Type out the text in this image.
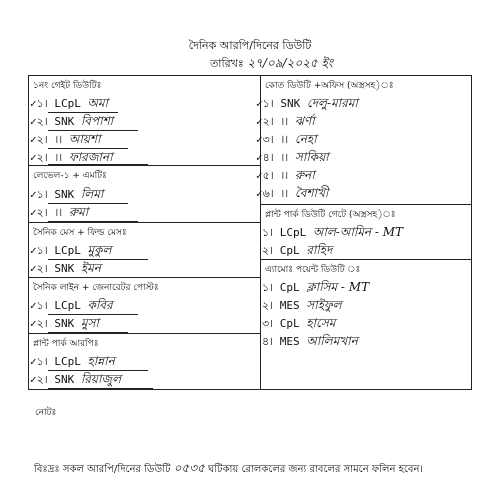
দৈনিক আরপি/দিনের ডিউটি
তারিখঃ ২৭/০৯/২০২৫ ইং
১নং গেইট ডিউটিঃ
✓১। LCpL অমা
✓২। SNK বিপাশা
✓২। ।। আয়শা
✓২। ।। ফারজানা
লেভেল-১ + এমটিঃ
✓১। SNK লিমা
✓২। ।। রুমা
সৈনিক মেস + ফিল্ড মেসঃ
✓১। LCpL মুকুল
✓২। SNK ইমন
সৈনিক লাইন + জেনারেটর পোস্টঃ
✓১। LCpL কবির
✓২। SNK মুসা
প্লান্ট পার্ক আরপিঃ
✓১। LCpL হান্নান
✓২। SNK রিয়াজুল
কোত ডিউটি +অফিস (অস্ত্রসহ)ঃ
✓১। SNK দেলু-মারমা
✓২। ।। ঝর্ণা
✓৩। ।। নেহা
✓৪। ।। সাকিয়া
✓৫। ।। রুনা
✓৬। ।। বৈশাখী
প্লান্ট পার্ক ডিউটি গেটে (অস্ত্রসহ)ঃ
১। LCpL আল-আমিন - MT
২। CpL রাহিদ
এ্যামোঃ পয়েন্ট ডিউটি ঃ
১। CpL ক্লাসিম - MT
২। MES সাইফুল
৩। CpL হাসেম
৪। MES আলিমখান
নোটঃ
বিঃদ্রঃ সকল আরপি/দিনের ডিউটি ০৫৩৫ ঘটিকায় রোলকলের জন্য রাবলের সামনে ফলিন হবেন।
